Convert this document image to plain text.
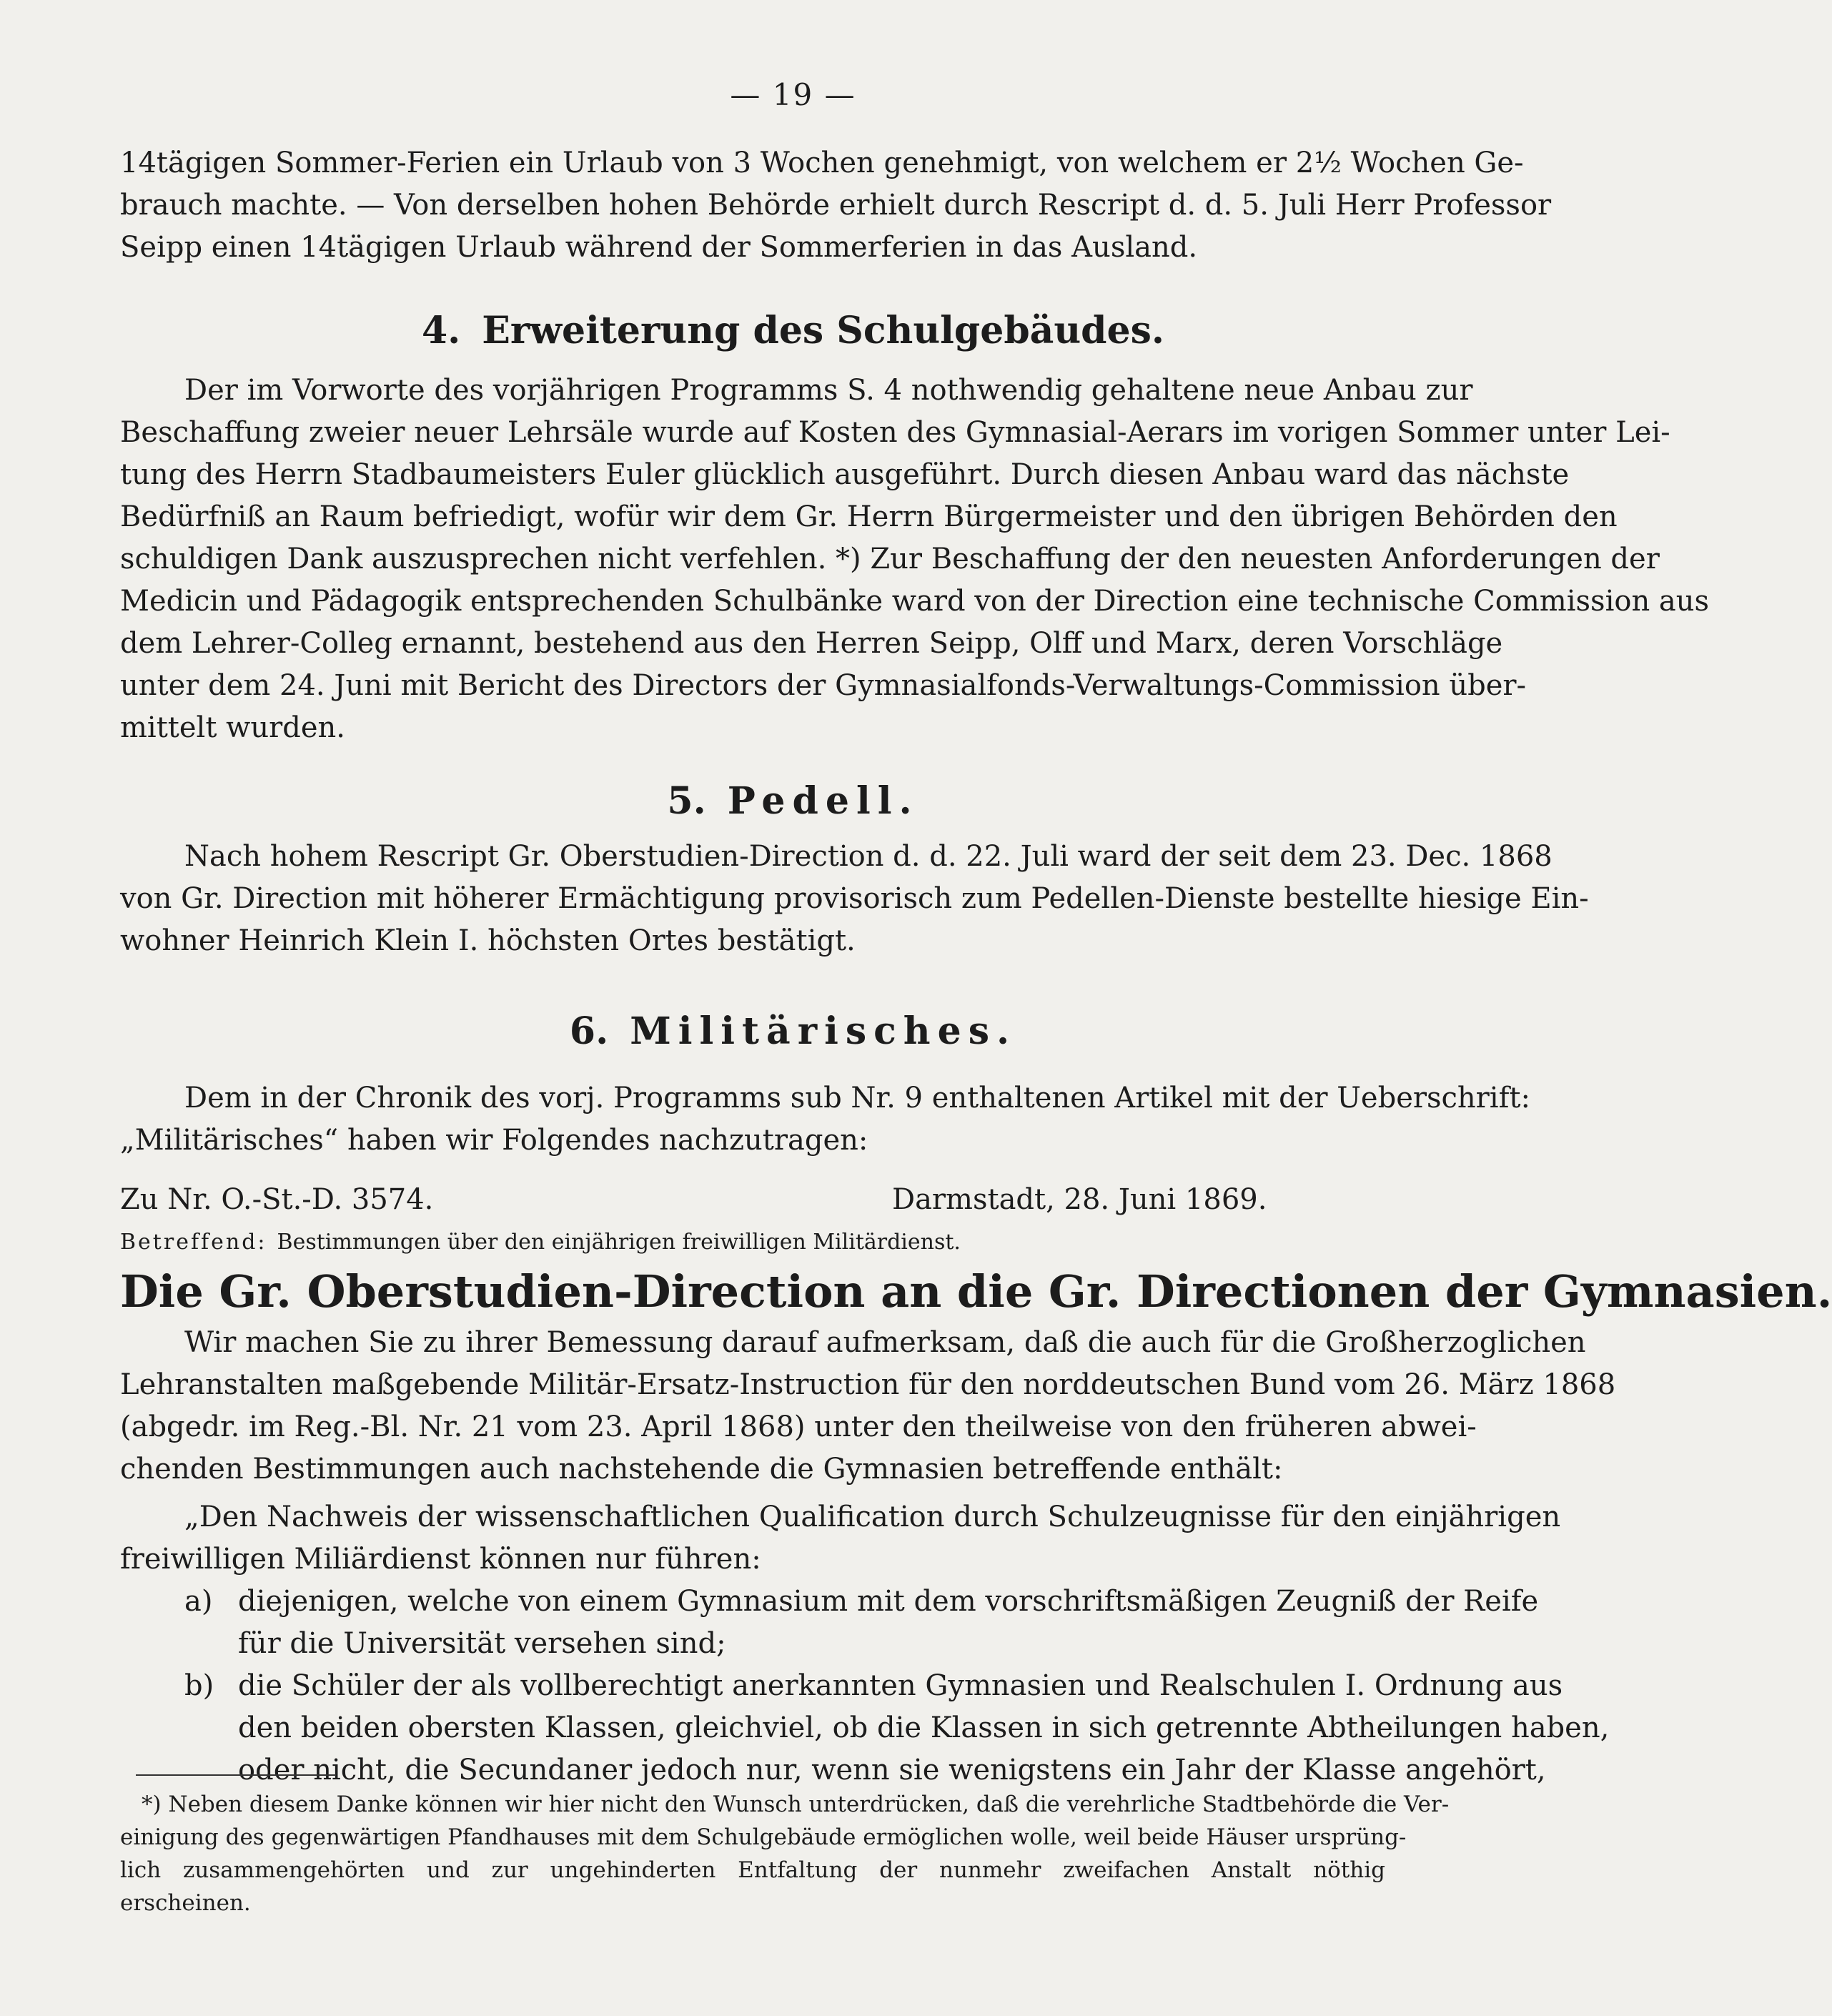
— 19 —
14tägigen Sommer-Ferien ein Urlaub von 3 Wochen genehmigt, von welchem er 2½ Wochen Ge-
brauch machte. — Von derselben hohen Behörde erhielt durch Rescript d. d. 5. Juli Herr Professor
Seipp einen 14tägigen Urlaub während der Sommerferien in das Ausland.
4. Erweiterung des Schulgebäudes.
Der im Vorworte des vorjährigen Programms S. 4 nothwendig gehaltene neue Anbau zur
Beschaffung zweier neuer Lehrsäle wurde auf Kosten des Gymnasial-Aerars im vorigen Sommer unter Lei-
tung des Herrn Stadbaumeisters Euler glücklich ausgeführt. Durch diesen Anbau ward das nächste
Bedürfniß an Raum befriedigt, wofür wir dem Gr. Herrn Bürgermeister und den übrigen Behörden den
schuldigen Dank auszusprechen nicht verfehlen. *) Zur Beschaffung der den neuesten Anforderungen der
Medicin und Pädagogik entsprechenden Schulbänke ward von der Direction eine technische Commission aus
dem Lehrer-Colleg ernannt, bestehend aus den Herren Seipp, Olff und Marx, deren Vorschläge
unter dem 24. Juni mit Bericht des Directors der Gymnasialfonds-Verwaltungs-Commission über-
mittelt wurden.
5. Pedell.
Nach hohem Rescript Gr. Oberstudien-Direction d. d. 22. Juli ward der seit dem 23. Dec. 1868
von Gr. Direction mit höherer Ermächtigung provisorisch zum Pedellen-Dienste bestellte hiesige Ein-
wohner Heinrich Klein I. höchsten Ortes bestätigt.
6. Militärisches.
Dem in der Chronik des vorj. Programms sub Nr. 9 enthaltenen Artikel mit der Ueberschrift:
„Militärisches“ haben wir Folgendes nachzutragen:
Zu Nr. O.-St.-D. 3574.	Darmstadt, 28. Juni 1869.
Betreffend: Bestimmungen über den einjährigen freiwilligen Militärdienst.
Die Gr. Oberstudien-Direction an die Gr. Directionen der Gymnasien.
Wir machen Sie zu ihrer Bemessung darauf aufmerksam, daß die auch für die Großherzoglichen
Lehranstalten maßgebende Militär-Ersatz-Instruction für den norddeutschen Bund vom 26. März 1868
(abgedr. im Reg.-Bl. Nr. 21 vom 23. April 1868) unter den theilweise von den früheren abwei-
chenden Bestimmungen auch nachstehende die Gymnasien betreffende enthält:
„Den Nachweis der wissenschaftlichen Qualification durch Schulzeugnisse für den einjährigen
freiwilligen Miliärdienst können nur führen:
a) diejenigen, welche von einem Gymnasium mit dem vorschriftsmäßigen Zeugniß der Reife
für die Universität versehen sind;
b) die Schüler der als vollberechtigt anerkannten Gymnasien und Realschulen I. Ordnung aus
den beiden obersten Klassen, gleichviel, ob die Klassen in sich getrennte Abtheilungen haben,
oder nicht, die Secundaner jedoch nur, wenn sie wenigstens ein Jahr der Klasse angehört,
*) Neben diesem Danke können wir hier nicht den Wunsch unterdrücken, daß die verehrliche Stadtbehörde die Ver-
einigung des gegenwärtigen Pfandhauses mit dem Schulgebäude ermöglichen wolle, weil beide Häuser ursprüng-
lich zusammengehörten und zur ungehinderten Entfaltung der nunmehr zweifachen Anstalt nöthig
erscheinen.
